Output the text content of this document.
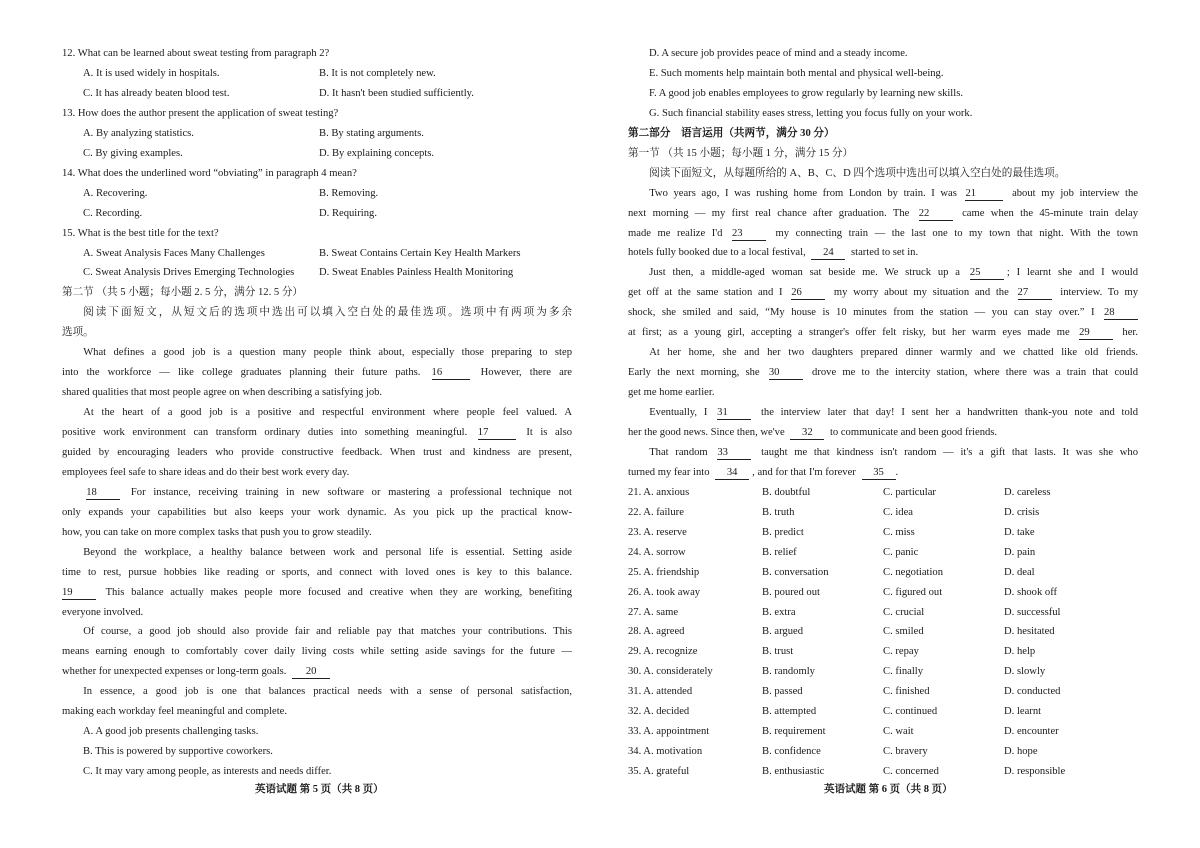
12. What can be learned about sweat testing from paragraph 2?
A. It is used widely in hospitals.	B. It is not completely new.
C. It has already beaten blood test.	D. It hasn't been studied sufficiently.
13. How does the author present the application of sweat testing?
A. By analyzing statistics.	B. By stating arguments.
C. By giving examples.	D. By explaining concepts.
14. What does the underlined word “obviating” in paragraph 4 mean?
A. Recovering.	B. Removing.
C. Recording.	D. Requiring.
15. What is the best title for the text?
A. Sweat Analysis Faces Many Challenges	B. Sweat Contains Certain Key Health Markers
C. Sweat Analysis Drives Emerging Technologies	D. Sweat Enables Painless Health Monitoring
第二节 （共 5 小题；每小题 2. 5 分，满分 12. 5 分）
阅读下面短文，从短文后的选项中选出可以填入空白处的最佳选项。选项中有两项为多余
选项。
What defines a good job is a question many people think about, especially those preparing to step
into the workforce — like college graduates planning their future paths. 16	However, there are
shared qualities that most people agree on when describing a satisfying job.
At the heart of a good job is a positive and respectful environment where people feel valued. A
positive work environment can transform ordinary duties into something meaningful. 17	It is also
guided by encouraging leaders who provide constructive feedback. When trust and kindness are present,
employees feel safe to share ideas and do their best work every day.
18	For instance, receiving training in new software or mastering a professional technique not
only expands your capabilities but also keeps your work dynamic. As you pick up the practical know-
how, you can take on more complex tasks that push you to grow steadily.
Beyond the workplace, a healthy balance between work and personal life is essential. Setting aside
time to rest, pursue hobbies like reading or sports, and connect with loved ones is key to this balance.
19	This balance actually makes people more focused and creative when they are working, benefiting
everyone involved.
Of course, a good job should also provide fair and reliable pay that matches your contributions. This
means earning enough to comfortably cover daily living costs while setting aside savings for the future —
whether for unexpected expenses or long-term goals. 20
In essence, a good job is one that balances practical needs with a sense of personal satisfaction,
making each workday feel meaningful and complete.
A. A good job presents challenging tasks.
B. This is powered by supportive coworkers.
C. It may vary among people, as interests and needs differ.
英语试题 第 5 页（共 8 页）
D. A secure job provides peace of mind and a steady income.
E. Such moments help maintain both mental and physical well-being.
F. A good job enables employees to grow regularly by learning new skills.
G. Such financial stability eases stress, letting you focus fully on your work.
第二部分　语言运用（共两节，满分 30 分）
第一节 （共 15 小题；每小题 1 分，满分 15 分）
阅读下面短文，从每题所给的 A、B、C、D 四个选项中选出可以填入空白处的最佳选项。
Two years ago, I was rushing home from London by train. I was 21	about my job interview the
next morning — my first real chance after graduation. The 22	came when the 45-minute train delay
made me realize I'd 23	my connecting train — the last one to my town that night. With the town
hotels fully booked due to a local festival, 24 started to set in.
Just then, a middle-aged woman sat beside me. We struck up a 25 ; I learnt she and I would
get off at the same station and I 26	my worry about my situation and the 27	interview. To my
shock, she smiled and said, “My house is 10 minutes from the station — you can stay over.” I 28
at first; as a young girl, accepting a stranger's offer felt risky, but her warm eyes made me 29	her.
At her home, she and her two daughters prepared dinner warmly and we chatted like old friends.
Early the next morning, she 30	drove me to the intercity station, where there was a train that could
get me home earlier.
Eventually, I 31	the interview later that day! I sent her a handwritten thank-you note and told
her the good news. Since then, we've 32 to communicate and been good friends.
That random 33	taught me that kindness isn't random — it's a gift that lasts. It was she who
turned my fear into 34 , and for that I'm forever 35 .
21. A. anxious	B. doubtful	C. particular	D. careless
22. A. failure	B. truth	C. idea	D. crisis
23. A. reserve	B. predict	C. miss	D. take
24. A. sorrow	B. relief	C. panic	D. pain
25. A. friendship	B. conversation	C. negotiation	D. deal
26. A. took away	B. poured out	C. figured out	D. shook off
27. A. same	B. extra	C. crucial	D. successful
28. A. agreed	B. argued	C. smiled	D. hesitated
29. A. recognize	B. trust	C. repay	D. help
30. A. considerately	B. randomly	C. finally	D. slowly
31. A. attended	B. passed	C. finished	D. conducted
32. A. decided	B. attempted	C. continued	D. learnt
33. A. appointment	B. requirement	C. wait	D. encounter
34. A. motivation	B. confidence	C. bravery	D. hope
35. A. grateful	B. enthusiastic	C. concerned	D. responsible
英语试题 第 6 页（共 8 页）
